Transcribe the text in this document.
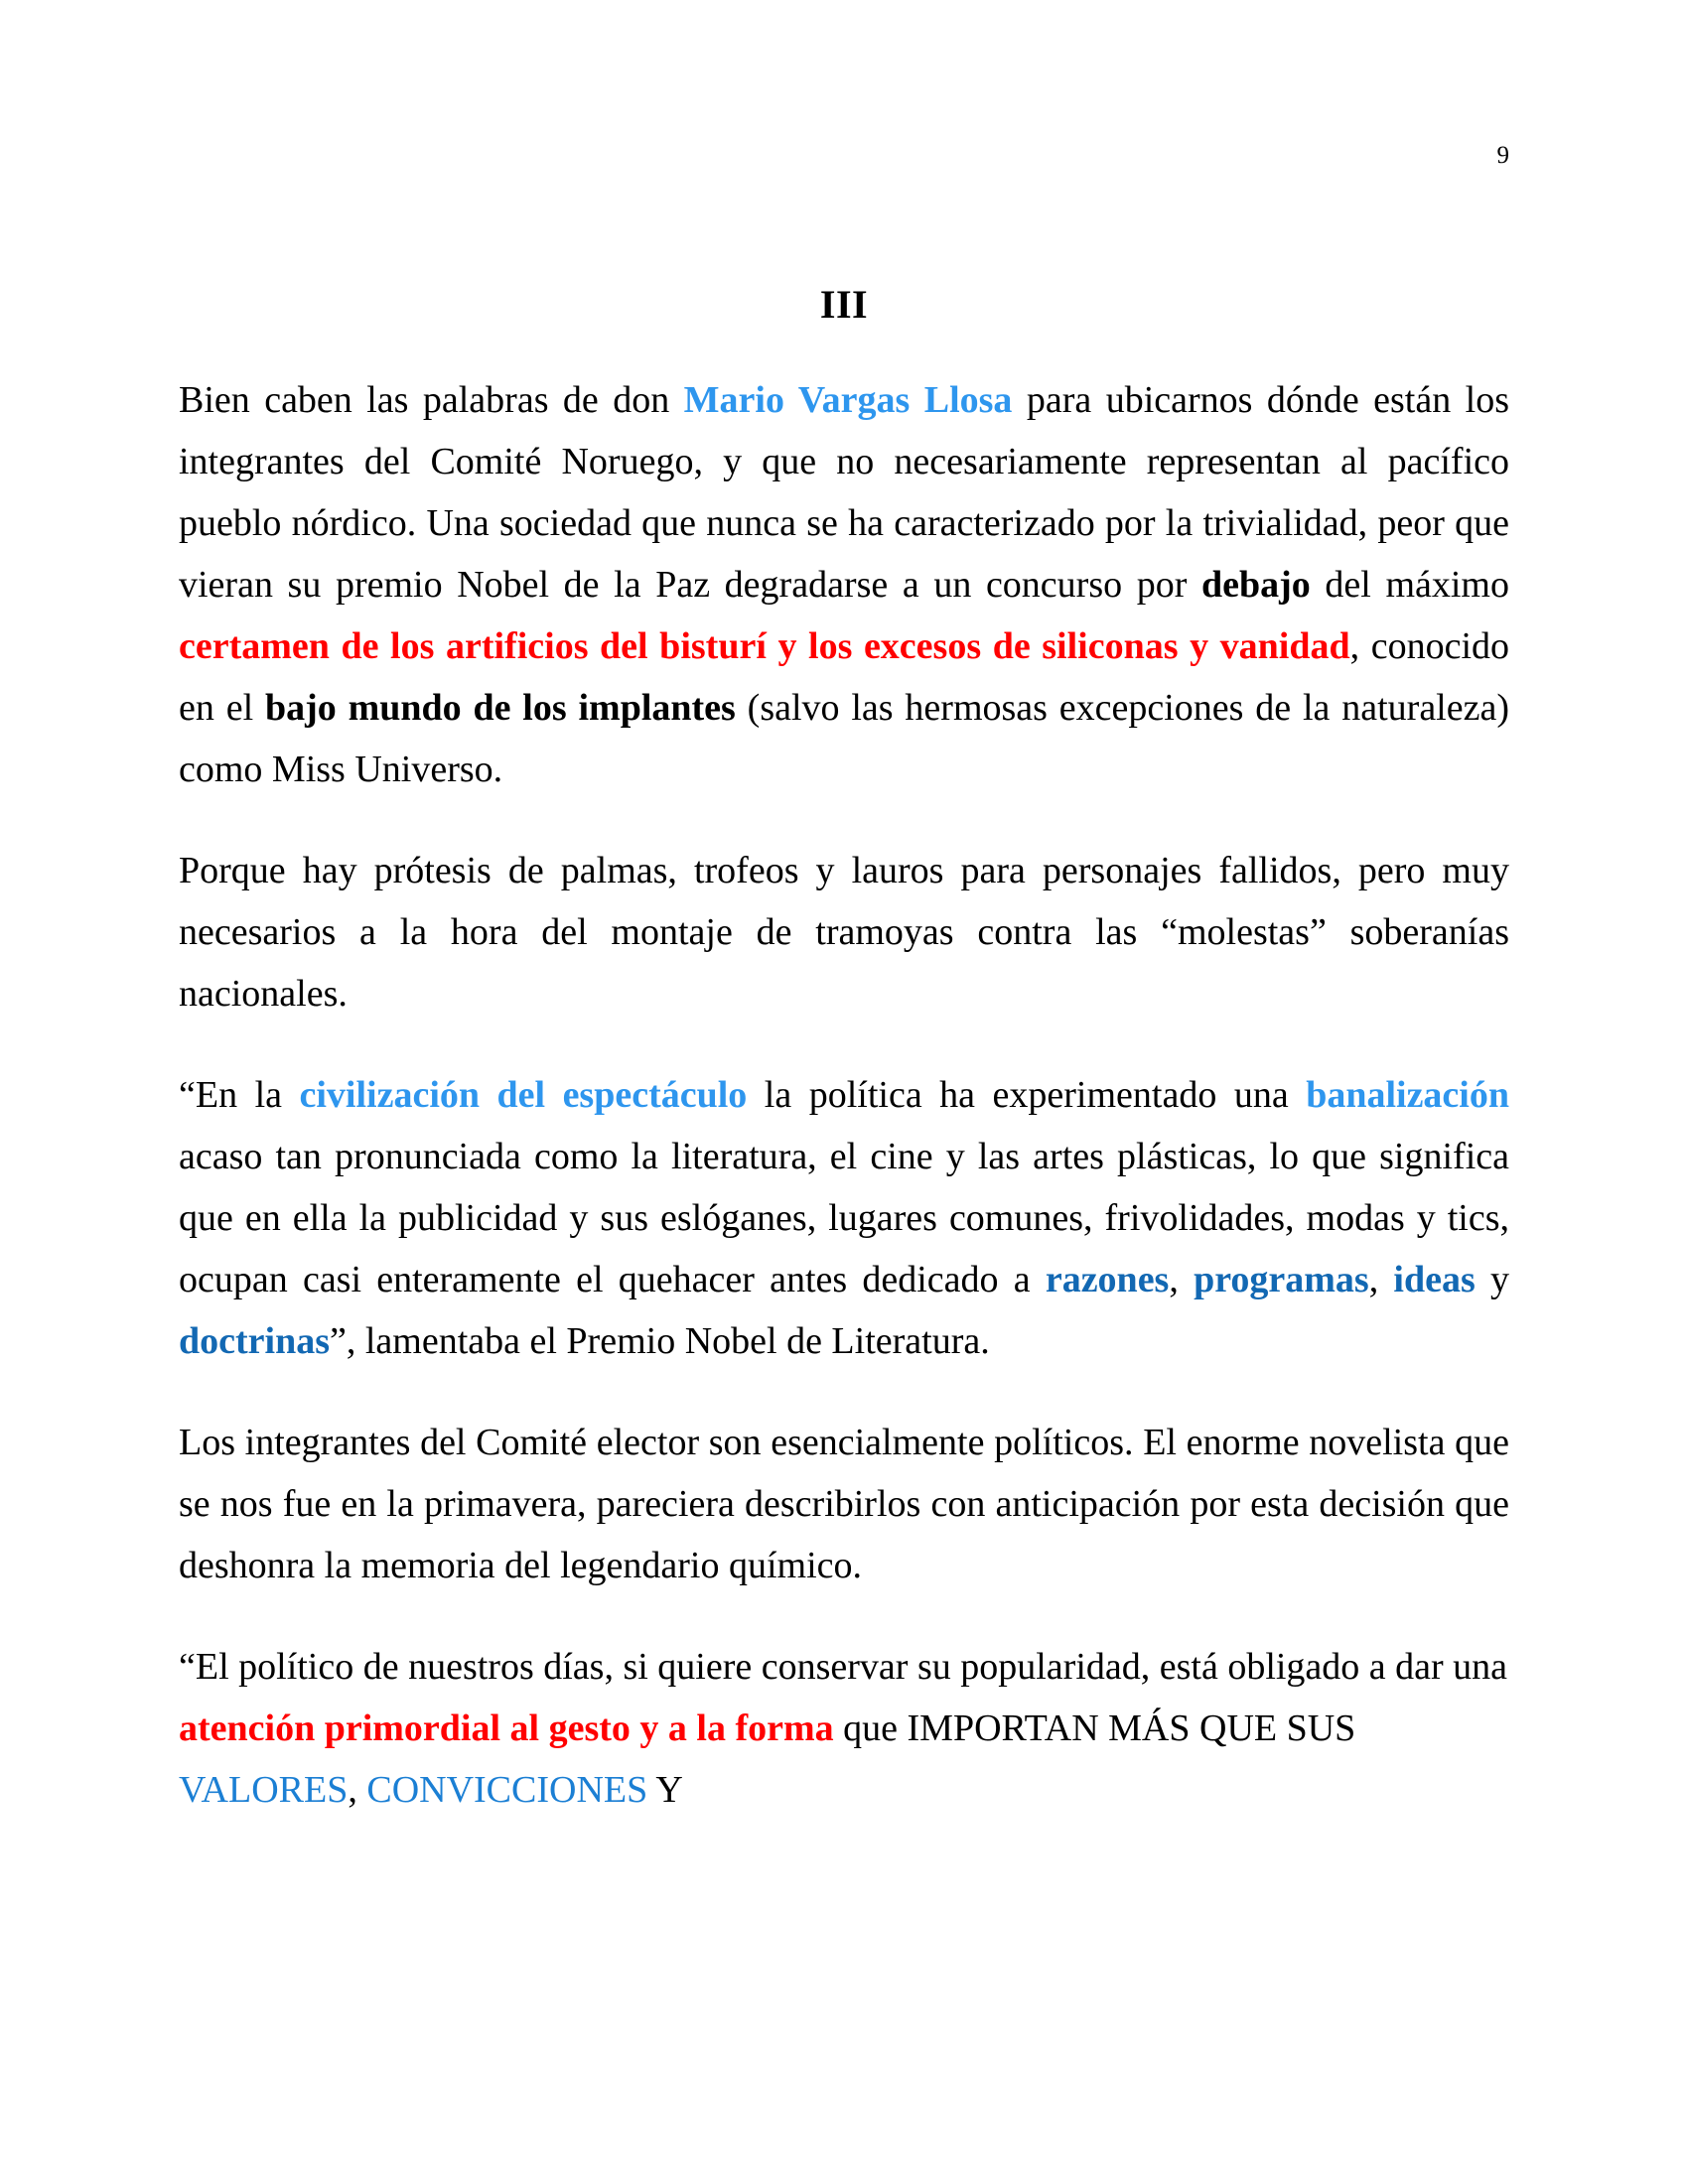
9
III

Bien caben las palabras de don Mario Vargas Llosa para ubicarnos dónde están los integrantes del Comité Noruego, y que no necesariamente representan al pacífico pueblo nórdico. Una sociedad que nunca se ha caracterizado por la trivialidad, peor que vieran su premio Nobel de la Paz degradarse a un concurso por debajo del máximo certamen de los artificios del bisturí y los excesos de siliconas y vanidad, conocido en el bajo mundo de los implantes (salvo las hermosas excepciones de la naturaleza) como Miss Universo.

Porque hay prótesis de palmas, trofeos y lauros para personajes fallidos, pero muy necesarios a la hora del montaje de tramoyas contra las “molestas” soberanías nacionales.

“En la civilización del espectáculo la política ha experimentado una banalización acaso tan pronunciada como la literatura, el cine y las artes plásticas, lo que significa que en ella la publicidad y sus eslóganes, lugares comunes, frivolidades, modas y tics, ocupan casi enteramente el quehacer antes dedicado a razones, programas, ideas y doctrinas”, lamentaba el Premio Nobel de Literatura.

Los integrantes del Comité elector son esencialmente políticos. El enorme novelista que se nos fue en la primavera, pareciera describirlos con anticipación por esta decisión que deshonra la memoria del legendario químico.

“El político de nuestros días, si quiere conservar su popularidad, está obligado a dar una atención primordial al gesto y a la forma que IMPORTAN MÁS QUE SUS VALORES, CONVICCIONES Y
